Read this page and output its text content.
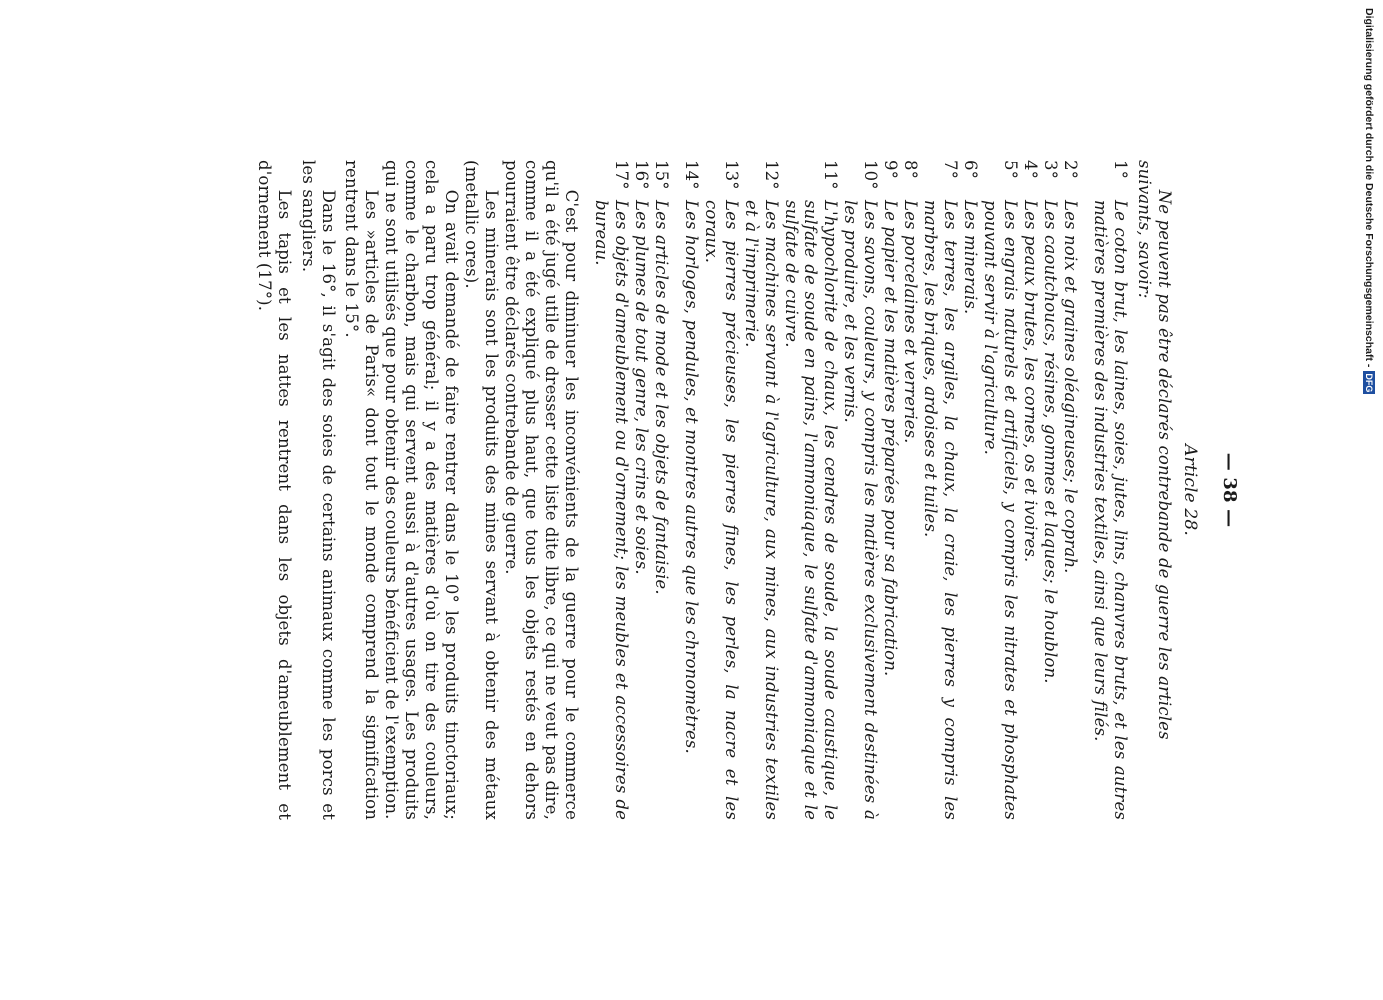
— 38 —
Article 28.

Ne peuvent pas être déclarés contrebande de guerre les articles suivants, savoir:

1°
Le coton brut, les laines, soies, jutes, lins, chanvres bruts, et les autres matières premières des industries textiles, ainsi que leurs filés.
2°
Les noix et graines oléagineuses; le coprah.
3°
Les caoutchoucs, résines, gommes et laques; le houblon.
4°
Les peaux brutes, les cornes, os et ivoires.
5°
Les engrais naturels et artificiels, y compris les nitrates et phosphates pouvant servir à l'agriculture.
6°
Les minerais.
7°
Les terres, les argiles, la chaux, la craie, les pierres y compris les marbres, les briques, ardoises et tuiles.
8°
Les porcelaines et verreries.
9°
Le papier et les matières préparées pour sa fabrication.
10°
Les savons, couleurs, y compris les matières exclusivement destinées à les produire, et les vernis.
11°
L'hypochlorite de chaux, les cendres de soude, la soude caustique, le sulfate de soude en pains, l'ammoniaque, le sulfate d'ammoniaque et le sulfate de cuivre.
12°
Les machines servant à l'agriculture, aux mines, aux industries textiles et à l'imprimerie.
13°
Les pierres précieuses, les pierres fines, les perles, la nacre et les coraux.
14°
Les horloges, pendules, et montres autres que les chronomètres.
15°
Les articles de mode et les objets de fantaisie.
16°
Les plumes de tout genre, les crins et soies.
17°
Les objets d'ameublement ou d'ornement; les meubles et accessoires de bureau.

C'est pour diminuer les inconvénients de la guerre pour le commerce qu'il a été jugé utile de dresser cette liste dite libre, ce qui ne veut pas dire, comme il a été expliqué plus haut, que tous les objets restés en dehors pourraient être déclarés contrebande de guerre.

Les minerais sont les produits des mines servant à obtenir des métaux (metallic ores).

On avait demandé de faire rentrer dans le 10° les produits tinctoriaux; cela a paru trop général; il y a des matières d'où on tire des couleurs, comme le charbon, mais qui servent aussi à d'autres usages. Les produits qui ne sont utilisés que pour obtenir des couleurs bénéficient de l'exemption.

Les »articles de Paris« dont tout le monde comprend la signification rentrent dans le 15°.

Dans le 16°, il s'agit des soies de certains animaux comme les porcs et les sangliers.

Les tapis et les nattes rentrent dans les objets d'ameublement et d'ornement (17°).	Digitalisierung gefördert durch die Deutsche Forschungsgemeinschaft -
DFG
